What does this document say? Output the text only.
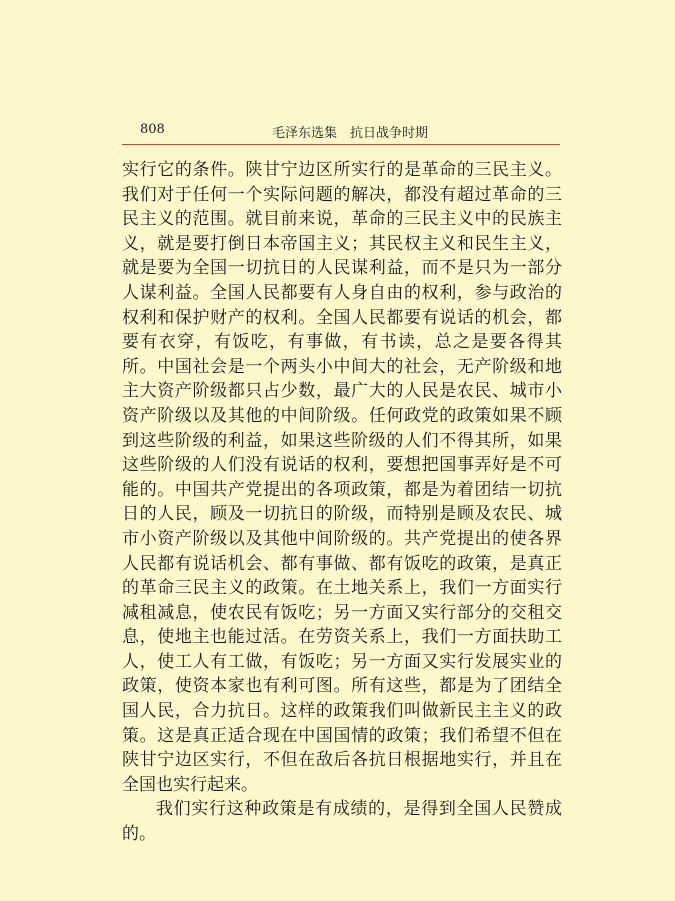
808	毛泽东选集　抗日战争时期

实行它的条件。陕甘宁边区所实行的是革命的三民主义。我们对于任何一个实际问题的解决，都没有超过革命的三民主义的范围。就目前来说，革命的三民主义中的民族主义，就是要打倒日本帝国主义；其民权主义和民生主义，就是要为全国一切抗日的人民谋利益，而不是只为一部分人谋利益。全国人民都要有人身自由的权利，参与政治的权利和保护财产的权利。全国人民都要有说话的机会，都要有衣穿，有饭吃，有事做，有书读，总之是要各得其所。中国社会是一个两头小中间大的社会，无产阶级和地主大资产阶级都只占少数，最广大的人民是农民、城市小资产阶级以及其他的中间阶级。任何政党的政策如果不顾到这些阶级的利益，如果这些阶级的人们不得其所，如果这些阶级的人们没有说话的权利，要想把国事弄好是不可能的。中国共产党提出的各项政策，都是为着团结一切抗日的人民，顾及一切抗日的阶级，而特别是顾及农民、城市小资产阶级以及其他中间阶级的。共产党提出的使各界人民都有说话机会、都有事做、都有饭吃的政策，是真正的革命三民主义的政策。在土地关系上，我们一方面实行减租减息，使农民有饭吃；另一方面又实行部分的交租交息，使地主也能过活。在劳资关系上，我们一方面扶助工人，使工人有工做，有饭吃；另一方面又实行发展实业的政策，使资本家也有利可图。所有这些，都是为了团结全国人民，合力抗日。这样的政策我们叫做新民主主义的政策。这是真正适合现在中国国情的政策；我们希望不但在陕甘宁边区实行，不但在敌后各抗日根据地实行，并且在全国也实行起来。

我们实行这种政策是有成绩的，是得到全国人民赞成的。
